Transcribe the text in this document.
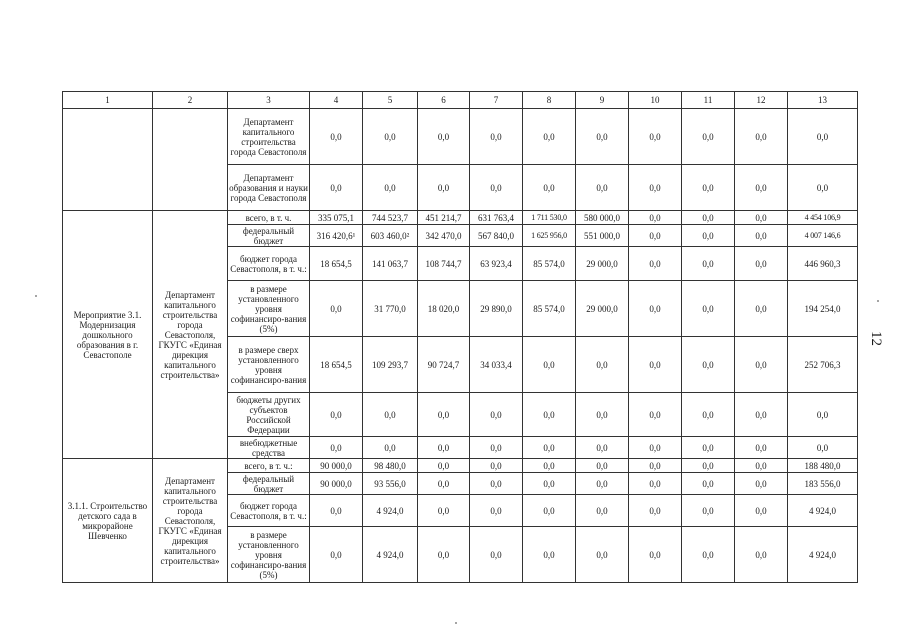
1	2	3	4	5	6	7	8	9	10	11	12	13
		Департамент капитального строительства города Севастополя	0,0	0,0	0,0	0,0	0,0	0,0	0,0	0,0	0,0	0,0
		Департамент образования и науки города Севастополя	0,0	0,0	0,0	0,0	0,0	0,0	0,0	0,0	0,0	0,0
Мероприятие 3.1. Модернизация дошкольного образования в г. Севастополе	Департамент капитального строительства города Севастополя, ГКУГС «Единая дирекция капитального строительства»	всего, в т. ч.	335 075,1	744 523,7	451 214,7	631 763,4	1 711 530,0	580 000,0	0,0	0,0	0,0	4 454 106,9
		федеральный бюджет	316 420,6¹	603 460,0²	342 470,0	567 840,0	1 625 956,0	551 000,0	0,0	0,0	0,0	4 007 146,6
		бюджет города Севастополя, в т. ч.:	18 654,5	141 063,7	108 744,7	63 923,4	85 574,0	29 000,0	0,0	0,0	0,0	446 960,3
		в размере установленного уровня софинансиро-вания (5%)	0,0	31 770,0	18 020,0	29 890,0	85 574,0	29 000,0	0,0	0,0	0,0	194 254,0
		в размере сверх установленного уровня софинансиро-вания	18 654,5	109 293,7	90 724,7	34 033,4	0,0	0,0	0,0	0,0	0,0	252 706,3
		бюджеты других субъектов Российской Федерации	0,0	0,0	0,0	0,0	0,0	0,0	0,0	0,0	0,0	0,0
		внебюджетные средства	0,0	0,0	0,0	0,0	0,0	0,0	0,0	0,0	0,0	0,0
3.1.1. Строительство детского сада в микрорайоне Шевченко	Департамент капитального строительства города Севастополя, ГКУГС «Единая дирекция капитального строительства»	всего, в т. ч.:	90 000,0	98 480,0	0,0	0,0	0,0	0,0	0,0	0,0	0,0	188 480,0
		федеральный бюджет	90 000,0	93 556,0	0,0	0,0	0,0	0,0	0,0	0,0	0,0	183 556,0
		бюджет города Севастополя, в т. ч.:	0,0	4 924,0	0,0	0,0	0,0	0,0	0,0	0,0	0,0	4 924,0
		в размере установленного уровня софинансиро-вания (5%)	0,0	4 924,0	0,0	0,0	0,0	0,0	0,0	0,0	0,0	4 924,0
12
